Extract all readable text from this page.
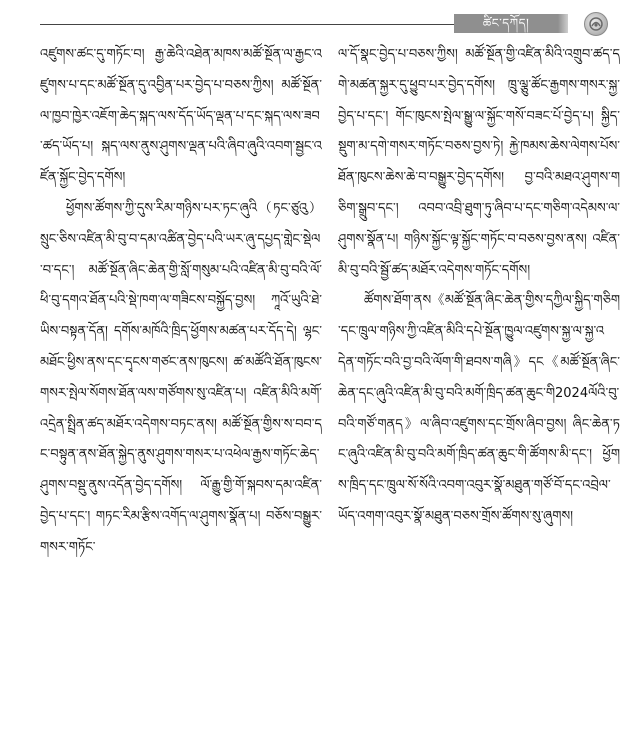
ཚིང་དཀོད།

འཛུགས་ཚང་དུ་གཏོང་བ། རྒྱ་ཆེའི་འཐེན་མཁས་མཚོ་སྔོན་ལ་རྒྱང་འཛུགས་པ་དང་མཚོ་སྔོན་དུ་འབྱིན་པར་བྱེད་པ་བཅས་ཀྱིས། མཚོ་སྔོན་ལ་ཁྱབ་ཁྱེར་འཇོག་ཆེད་སྐད་ལས་དོད་ཡོད་ལྡན་པ་དང་སྐད་ལས་ཟབ་ཚད་ཡོད་པ། སྐད་ལས་ནུས་ཤུགས་ལྡན་པའི་ཞིབ་ཞུའི་འབག་སྦྱང་འཛོན་སྐྱོང་བྱེད་དགོས།

ཕྱོགས་ཚོགས་ཀྱི་དུས་རིམ་གཉིས་པར་ཏང་ཞུའི（ཏང་ཙུའུ）སྲུང་ཅིས་འཛིན་མི་བུ་བ་དམ་འཚིན་བྱེད་པའི་ཡར་ཞུ་དཔྱད་གླེང་སྡེལ་བ་དང་། མཚོ་སྔོན་ཞིང་ཆེན་གྱི་སློ་གསུམ་པའི་འཛིན་མི་བུ་བའི་ལོ་ཕི་བུ་དགའ་ཐོན་པའི་སྡེ་ཁག་ལ་གཟིངས་བསྐྱོད་བྱས། ཀཱའོ་ཡུའི་ཐེ་ཡིས་བསྟན་དོན། དགོས་མཁོའི་ཁྲིད་ཕྱོགས་མཚན་པར་དོད་དེ། ལྷང་མཐོང་ཕྱིས་ནས་དང་དྭངས་གཙང་ནས་ཁུངས། ཚ་མཚོའི་ཐོན་ཁུངས་གསར་སྤེལ་སོགས་ཐོན་ལས་གཙོགས་སུ་འཛིན་པ། འཛིན་མིའི་མགོ་འདྲེན་སྤྲིན་ཚད་མཐོར་འདེགས་བཏང་ནས། མཚོ་སྔོན་གྱིས་ས་བབ་དང་བསྟུན་ནས་ཐོན་སྐྱེད་ནུས་ཤུགས་གསར་པ་འཕེལ་རྒྱས་གཏོང་ཆེད་ཤུགས་བསྡུ་ནུས་འདོན་བྱེད་དགོས། ལོ་རྒྱུ་གྱི་གོ་སྐབས་དམ་འཛིན་བྱེད་པ་དང་། གཏང་རིམ་རྩིས་འགོད་ལ་ཤུགས་སྣོན་པ། བཅོས་བསྒྱུར་གསར་གཏོང་

ལ་དོ་སྣང་བྱེད་པ་བཅས་ཀྱིས། མཚོ་སྔོན་གྱི་འཛིན་མིའི་འགྲུབ་ཚད་དགེ་མཚན་སྐྱར་དུ་ཕྱུབ་པར་བྱེད་དགོས། ཁྲུ་ལྕུ་ཚོང་རྒྱགས་གསར་སྐྱ་བྱེད་པ་དང་། གོང་ཁུངས་སྤེལ་སྒྱུ་ལ་སྐྱོང་གསོ་བཟང་པོ་བྱེད་པ། སྐྱིད་སྡུག་མ་དགེ་གསར་གཏོང་བཅས་བྱས་ཏེ། རྐྱེ་ཁམས་ཆེས་ལེགས་པོས་ཐོན་ཁུངས་ཆེས་ཆེ་བ་བསྒྱུར་བྱེད་དགོས། བྱ་བའི་མཐའ་ཤུགས་གཅིག་སྒྲུབ་དང་། འབབ་འབྲི་ཐུག་ཏུ་ཞིབ་པ་དང་གཅིག་འདེམས་ལ་ཤུགས་སྣོན་པ། གཉིས་སྐྱོང་ལྟ་སྐྱོང་གཏོང་བ་བཅས་བྱས་ནས། འཛིན་མི་བུ་བའི་སྦྱོ་ཚད་མཐོར་འདེགས་གཏོང་དགོས།

ཚོགས་ཐོག་ནས《མཚོ་སྔོན་ཞིང་ཆེན་གྱིས་དཀྱིལ་སྐྱིད་གཅིག་དང་ཁྲུལ་གཉིས་ཀྱི་འཛིན་མིའི་དཔེ་སྔོན་ཁྱུལ་འཛུགས་སྐྱ་ལ་སྐྱ་འདེན་གཏོང་བའི་བྱ་བའི་ལོག་གི་ཐབས་གཞི》དང《མཚོ་སྔོན་ཞིང་ཆེན་དང་ཞུའི་འཛིན་མི་བུ་བའི་མགོ་ཁྲིད་ཚན་ཆུང་གི2024ལོའི་བུ་བའི་གཙོ་གནད》ལ་ཞིབ་འཛུགས་དང་གྲོས་ཞིབ་བྱས། ཞིང་ཆེན་ཏང་ཞུའི་འཛིན་མི་བུ་བའི་མགོ་ཁྲིད་ཚན་ཆུང་གི་ཚོགས་མི་དང་། ཕྱོགས་ཁྲིད་དང་ཁྲུལ་སོ་སོའི་འབག་འབུར་སྣོ་མཐུན་གཙོ་བོ་དང་འབྲེལ་ཡོད་འགག་འབུར་སྣོ་མཐུན་བཅས་གྲོས་ཚོགས་སུ་ཞུགས།
